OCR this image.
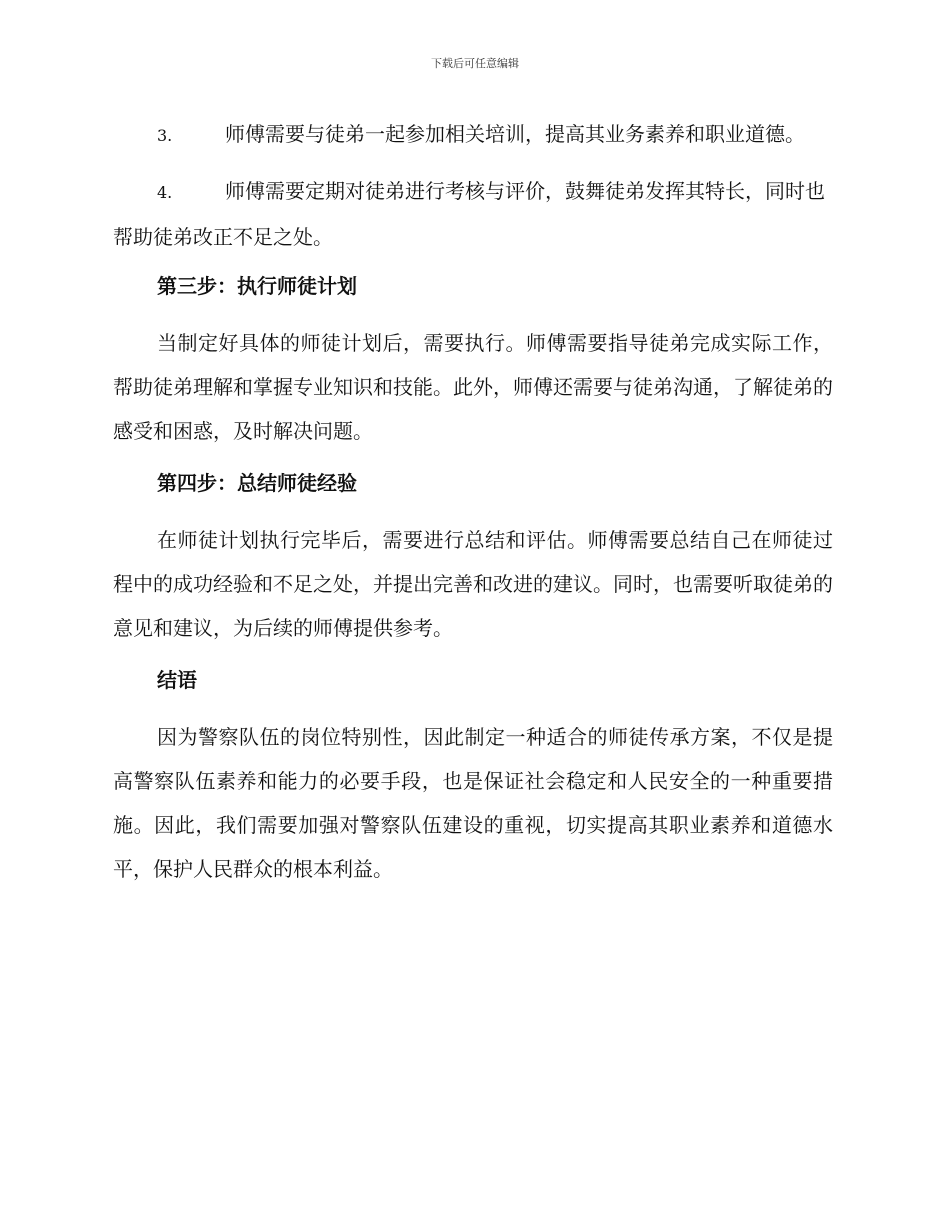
下载后可任意编辑
3.	师傅需要与徒弟一起参加相关培训，提高其业务素养和职业道德。
4.	师傅需要定期对徒弟进行考核与评价，鼓舞徒弟发挥其特长，同时也帮助徒弟改正不足之处。
第三步：执行师徒计划

当制定好具体的师徒计划后，需要执行。师傅需要指导徒弟完成实际工作，帮助徒弟理解和掌握专业知识和技能。此外，师傅还需要与徒弟沟通，了解徒弟的感受和困惑，及时解决问题。

第四步：总结师徒经验

在师徒计划执行完毕后，需要进行总结和评估。师傅需要总结自己在师徒过程中的成功经验和不足之处，并提出完善和改进的建议。同时，也需要听取徒弟的意见和建议，为后续的师傅提供参考。

结语

因为警察队伍的岗位特别性，因此制定一种适合的师徒传承方案，不仅是提高警察队伍素养和能力的必要手段，也是保证社会稳定和人民安全的一种重要措施。因此，我们需要加强对警察队伍建设的重视，切实提高其职业素养和道德水平，保护人民群众的根本利益。
